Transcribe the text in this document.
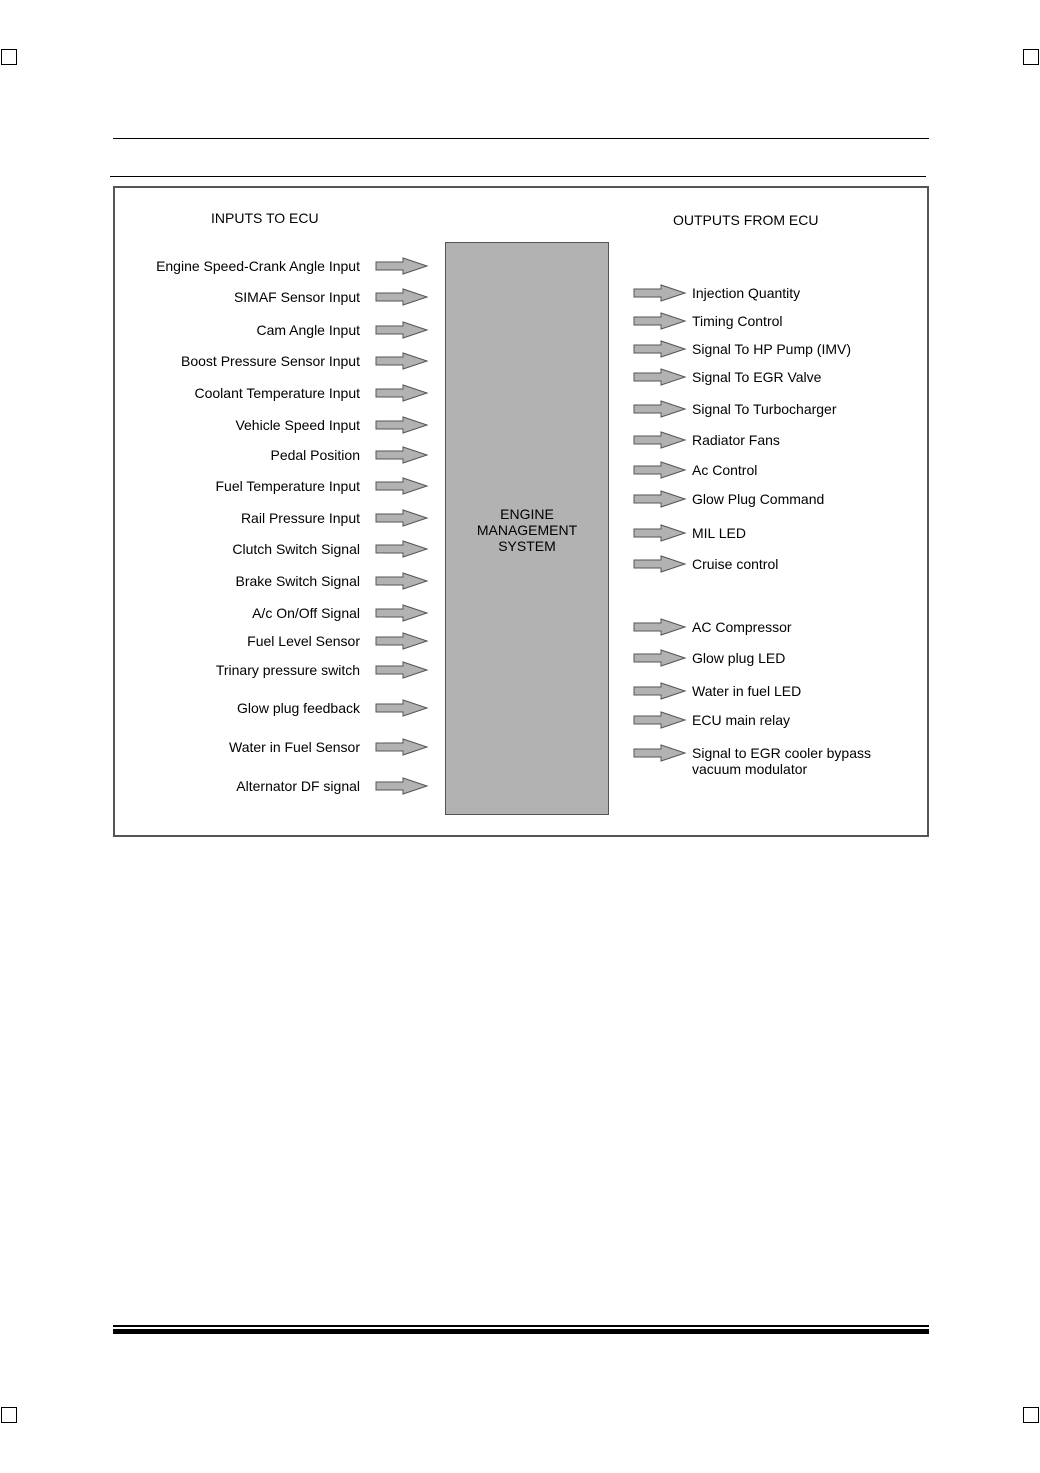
INPUTS TO ECU	OUTPUTS FROM ECU
ENGINE
MANAGEMENT
SYSTEM
Engine Speed-Crank Angle Input
SIMAF Sensor Input
Cam Angle Input
Boost Pressure Sensor Input
Coolant Temperature Input
Vehicle Speed Input
Pedal Position
Fuel Temperature Input
Rail Pressure Input
Clutch Switch Signal
Brake Switch Signal
A/c On/Off Signal
Fuel Level Sensor
Trinary pressure switch
Glow plug feedback
Water in Fuel Sensor
Alternator DF signal
Injection Quantity
Timing Control
Signal To HP Pump (IMV)
Signal To EGR Valve
Signal To Turbocharger
Radiator Fans
Ac Control
Glow Plug Command
MIL LED
Cruise control
AC Compressor
Glow plug LED
Water in fuel LED
ECU main relay
Signal to EGR cooler bypass vacuum modulator
